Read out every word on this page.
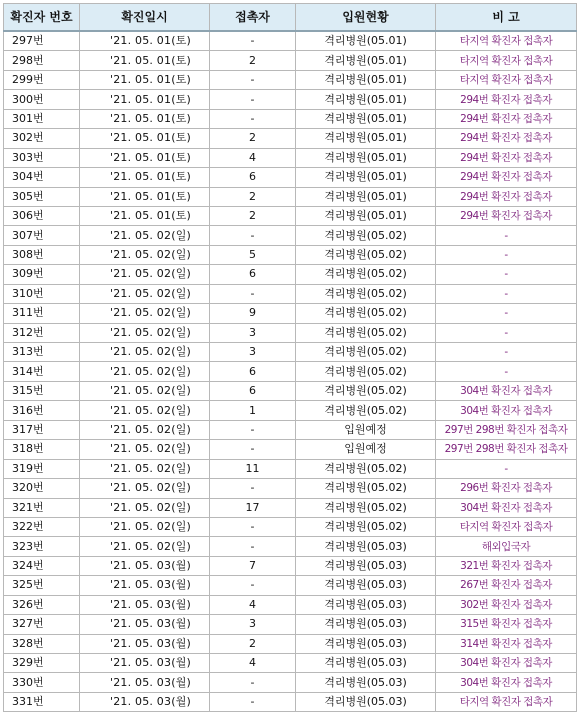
확진자 번호	확진일시	접촉자	입원현황	비 고
297번	'21. 05. 01(토)	-	격리병원(05.01)	타지역 확진자 접촉자
298번	'21. 05. 01(토)	2	격리병원(05.01)	타지역 확진자 접촉자
299번	'21. 05. 01(토)	-	격리병원(05.01)	타지역 확진자 접촉자
300번	'21. 05. 01(토)	-	격리병원(05.01)	294번 확진자 접촉자
301번	'21. 05. 01(토)	-	격리병원(05.01)	294번 확진자 접촉자
302번	'21. 05. 01(토)	2	격리병원(05.01)	294번 확진자 접촉자
303번	'21. 05. 01(토)	4	격리병원(05.01)	294번 확진자 접촉자
304번	'21. 05. 01(토)	6	격리병원(05.01)	294번 확진자 접촉자
305번	'21. 05. 01(토)	2	격리병원(05.01)	294번 확진자 접촉자
306번	'21. 05. 01(토)	2	격리병원(05.01)	294번 확진자 접촉자
307번	'21. 05. 02(일)	-	격리병원(05.02)	-
308번	'21. 05. 02(일)	5	격리병원(05.02)	-
309번	'21. 05. 02(일)	6	격리병원(05.02)	-
310번	'21. 05. 02(일)	-	격리병원(05.02)	-
311번	'21. 05. 02(일)	9	격리병원(05.02)	-
312번	'21. 05. 02(일)	3	격리병원(05.02)	-
313번	'21. 05. 02(일)	3	격리병원(05.02)	-
314번	'21. 05. 02(일)	6	격리병원(05.02)	-
315번	'21. 05. 02(일)	6	격리병원(05.02)	304번 확진자 접촉자
316번	'21. 05. 02(일)	1	격리병원(05.02)	304번 확진자 접촉자
317번	'21. 05. 02(일)	-	입원예정	297번 298번 확진자 접촉자
318번	'21. 05. 02(일)	-	입원예정	297번 298번 확진자 접촉자
319번	'21. 05. 02(일)	11	격리병원(05.02)	-
320번	'21. 05. 02(일)	-	격리병원(05.02)	296번 확진자 접촉자
321번	'21. 05. 02(일)	17	격리병원(05.02)	304번 확진자 접촉자
322번	'21. 05. 02(일)	-	격리병원(05.02)	타지역 확진자 접촉자
323번	'21. 05. 02(일)	-	격리병원(05.03)	해외입국자
324번	'21. 05. 03(월)	7	격리병원(05.03)	321번 확진자 접촉자
325번	'21. 05. 03(월)	-	격리병원(05.03)	267번 확진자 접촉자
326번	'21. 05. 03(월)	4	격리병원(05.03)	302번 확진자 접촉자
327번	'21. 05. 03(월)	3	격리병원(05.03)	315번 확진자 접촉자
328번	'21. 05. 03(월)	2	격리병원(05.03)	314번 확진자 접촉자
329번	'21. 05. 03(월)	4	격리병원(05.03)	304번 확진자 접촉자
330번	'21. 05. 03(월)	-	격리병원(05.03)	304번 확진자 접촉자
331번	'21. 05. 03(월)	-	격리병원(05.03)	타지역 확진자 접촉자
